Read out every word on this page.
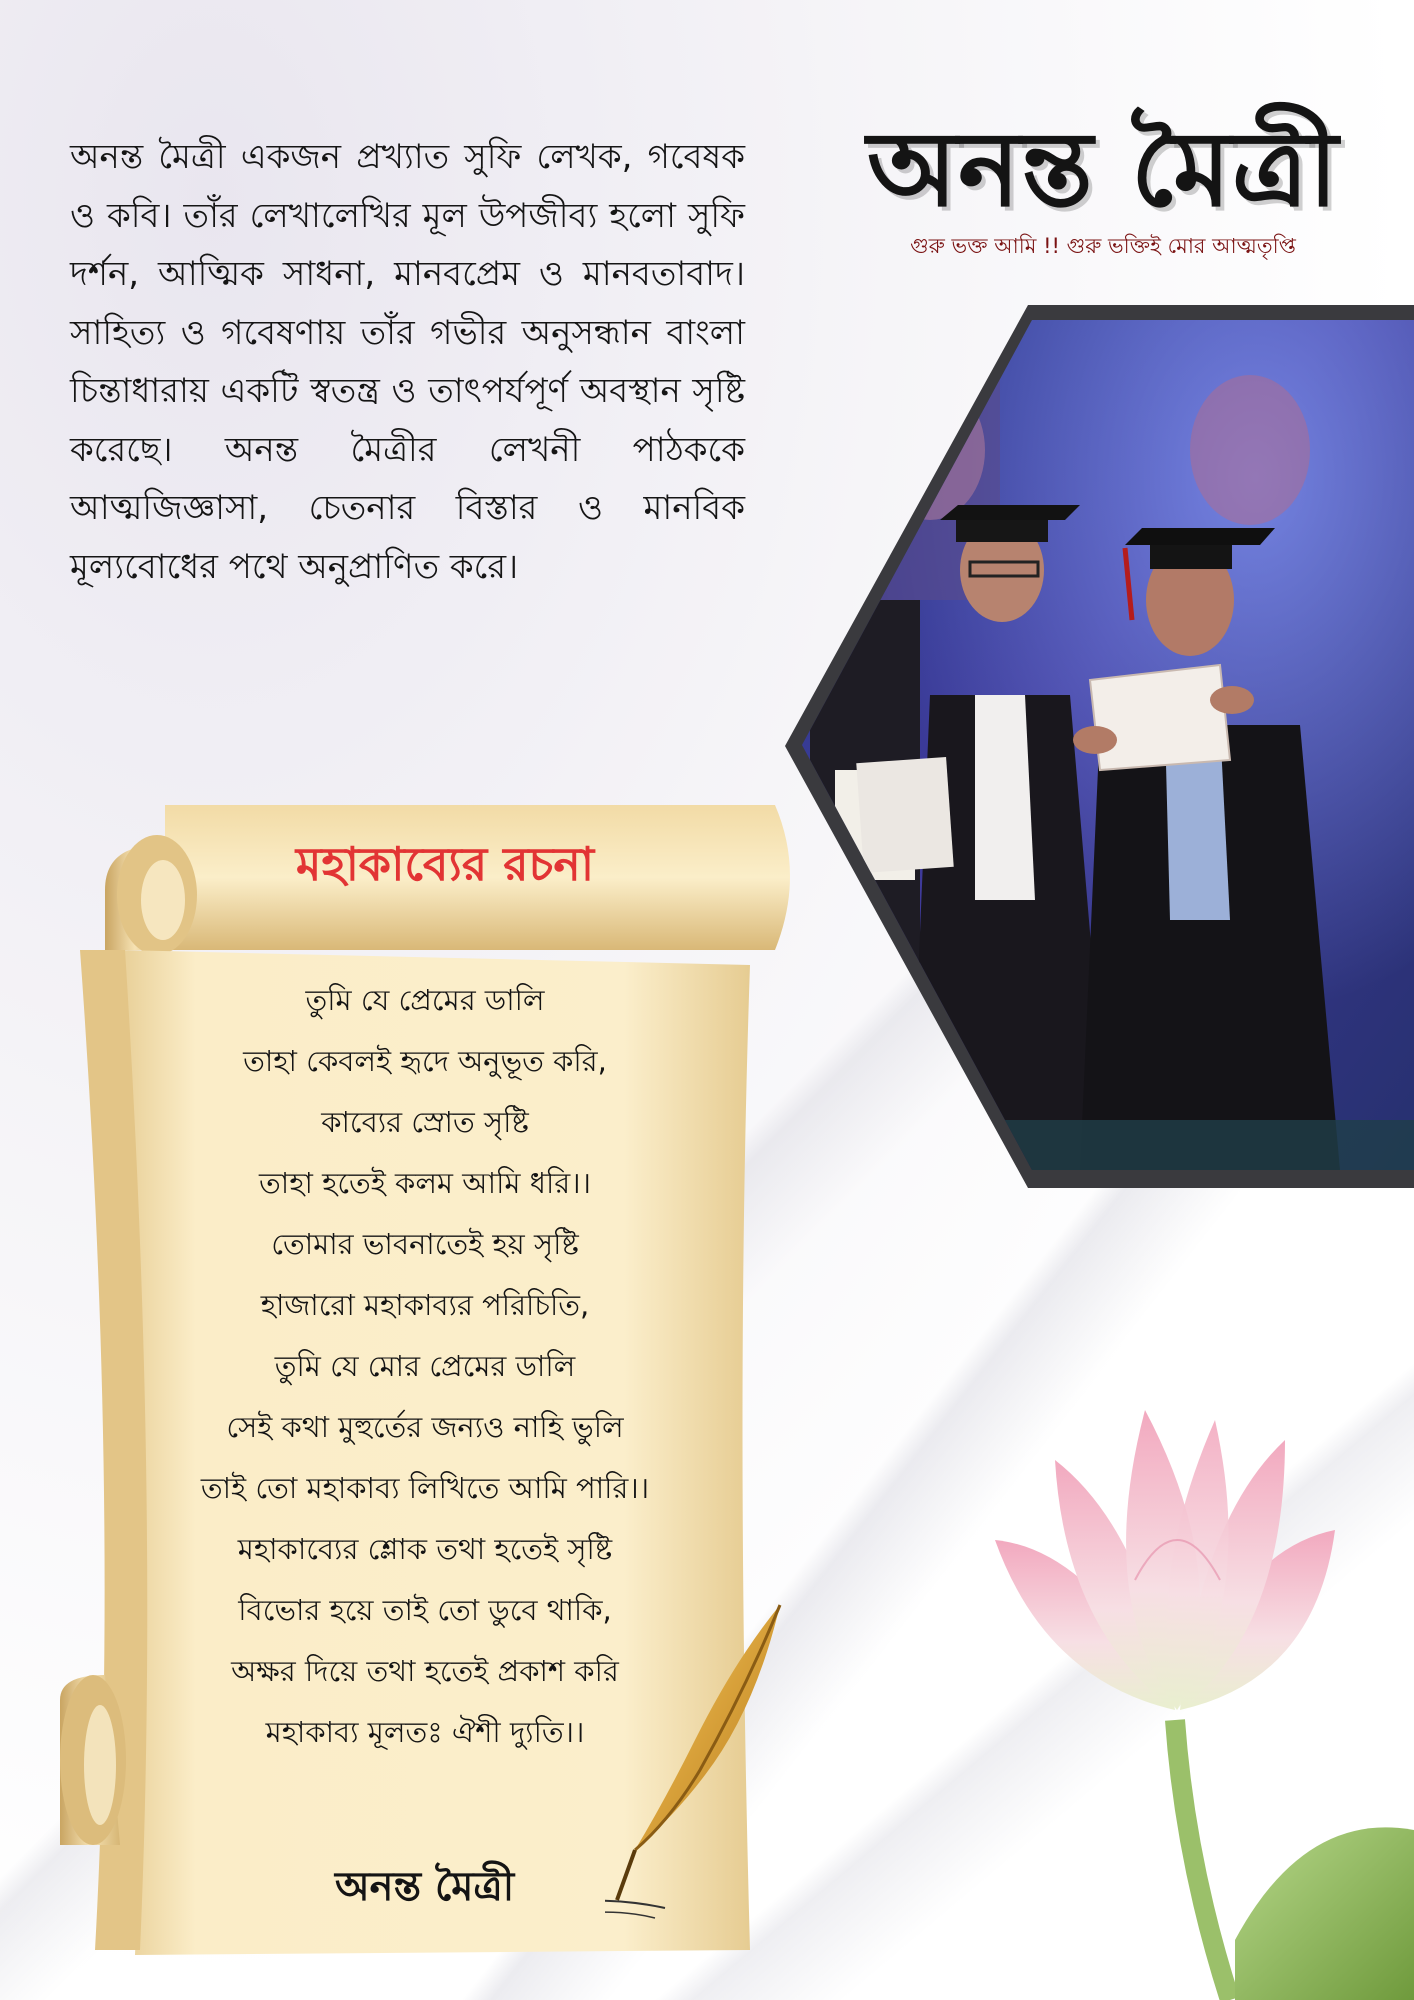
অনন্ত মৈত্রী একজন প্রখ্যাত সুফি লেখক, গবেষক ও কবি। তাঁর লেখালেখির মূল উপজীব্য হলো সুফি দর্শন, আত্মিক সাধনা, মানবপ্রেম ও মানবতাবাদ। সাহিত্য ও গবেষণায় তাঁর গভীর অনুসন্ধান বাংলা চিন্তাধারায় একটি স্বতন্ত্র ও তাৎপর্যপূর্ণ অবস্থান সৃষ্টি করেছে। অনন্ত মৈত্রীর লেখনী পাঠককে আত্মজিজ্ঞাসা, চেতনার বিস্তার ও মানবিক মূল্যবোধের পথে অনুপ্রাণিত করে।

অনন্ত মৈত্রী
গুরু ভক্ত আমি !! গুরু ভক্তিই মোর আত্মতৃপ্তি
মহাকাব্যের রচনা
তুমি যে প্রেমের ডালি
তাহা কেবলই হৃদে অনুভূত করি,
কাব্যের স্রোত সৃষ্টি
তাহা হতেই কলম আমি ধরি।।
তোমার ভাবনাতেই হয় সৃষ্টি
হাজারো মহাকাব্যর পরিচিতি,
তুমি যে মোর প্রেমের ডালি
সেই কথা মুহুর্তের জন্যও নাহি ভুলি
তাই তো মহাকাব্য লিখিতে আমি পারি।।
মহাকাব্যের শ্লোক তথা হতেই সৃষ্টি
বিভোর হয়ে তাই তো ডুবে থাকি,
অক্ষর দিয়ে তথা হতেই প্রকাশ করি
মহাকাব্য মূলতঃ ঐশী দ্যুতি।।
অনন্ত মৈত্রী
